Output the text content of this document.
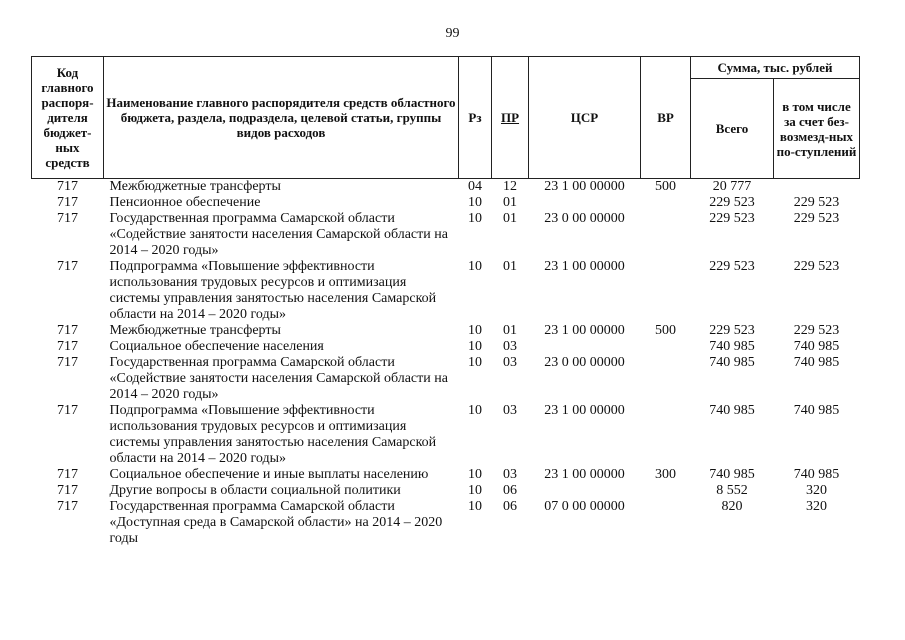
99
Код главного распоря-дителя бюджет-ных средств	Наименование главного распорядителя средств областного бюджета, раздела, подраздела, целевой статьи, группы видов расходов	Рз	ПР	ЦСР	ВР	Сумма, тыс. рублей	
						Всего	в том числе за счет без-возмезд-ных по-ступлений
717	Межбюджетные трансферты	04	12	23 1 00 00000	500	20 777	
717	Пенсионное обеспечение	10	01			229 523	229 523
717	Государственная программа Самарской области «Содействие занятости населения Самарской области на 2014 – 2020 годы»	10	01	23 0 00 00000		229 523	229 523
717	Подпрограмма «Повышение эффективности использования трудовых ресурсов и оптимизация системы управления занятостью населения Самарской области на 2014 – 2020 годы»	10	01	23 1 00 00000		229 523	229 523
717	Межбюджетные трансферты	10	01	23 1 00 00000	500	229 523	229 523
717	Социальное обеспечение населения	10	03			740 985	740 985
717	Государственная программа Самарской области «Содействие занятости населения Самарской области на 2014 – 2020 годы»	10	03	23 0 00 00000		740 985	740 985
717	Подпрограмма «Повышение эффективности использования трудовых ресурсов и оптимизация системы управления занятостью населения Самарской области на 2014 – 2020 годы»	10	03	23 1 00 00000		740 985	740 985
717	Социальное обеспечение и иные выплаты населению	10	03	23 1 00 00000	300	740 985	740 985
717	Другие вопросы в области социальной политики	10	06			8 552	320
717	Государственная программа Самарской области «Доступная среда в Самарской области» на 2014 – 2020 годы	10	06	07 0 00 00000		820	320
